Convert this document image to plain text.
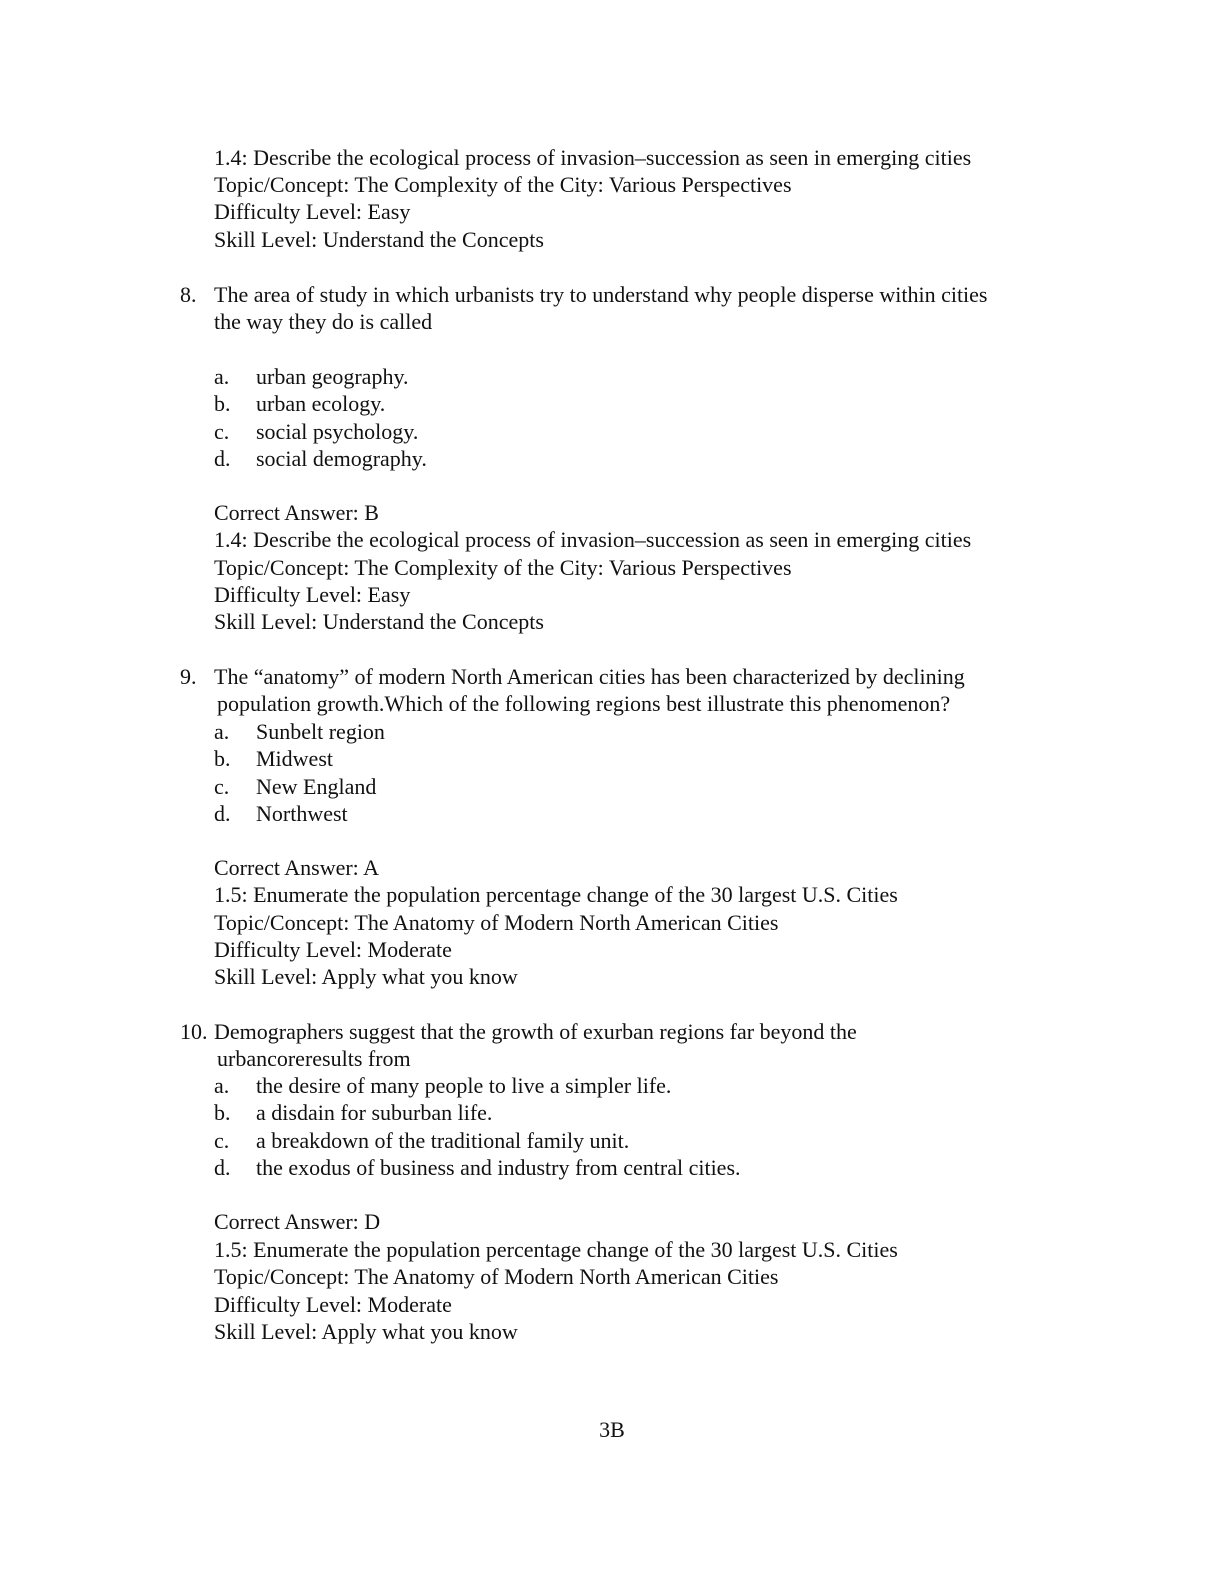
1.4: Describe the ecological process of invasion–succession as seen in emerging cities
Topic/Concept: The Complexity of the City: Various Perspectives
Difficulty Level: Easy
Skill Level: Understand the Concepts
8. The area of study in which urbanists try to understand why people disperse within cities
the way they do is called
a. urban geography.
b. urban ecology.
c. social psychology.
d. social demography.
Correct Answer: B
1.4: Describe the ecological process of invasion–succession as seen in emerging cities
Topic/Concept: The Complexity of the City: Various Perspectives
Difficulty Level: Easy
Skill Level: Understand the Concepts
9. The “anatomy” of modern North American cities has been characterized by declining
population growth.Which of the following regions best illustrate this phenomenon?
a. Sunbelt region
b. Midwest
c. New England
d. Northwest
Correct Answer: A
1.5: Enumerate the population percentage change of the 30 largest U.S. Cities
Topic/Concept: The Anatomy of Modern North American Cities
Difficulty Level: Moderate
Skill Level: Apply what you know
10. Demographers suggest that the growth of exurban regions far beyond the
urbancoreresults from
a. the desire of many people to live a simpler life.
b. a disdain for suburban life.
c. a breakdown of the traditional family unit.
d. the exodus of business and industry from central cities.
Correct Answer: D
1.5: Enumerate the population percentage change of the 30 largest U.S. Cities
Topic/Concept: The Anatomy of Modern North American Cities
Difficulty Level: Moderate
Skill Level: Apply what you know
3B
